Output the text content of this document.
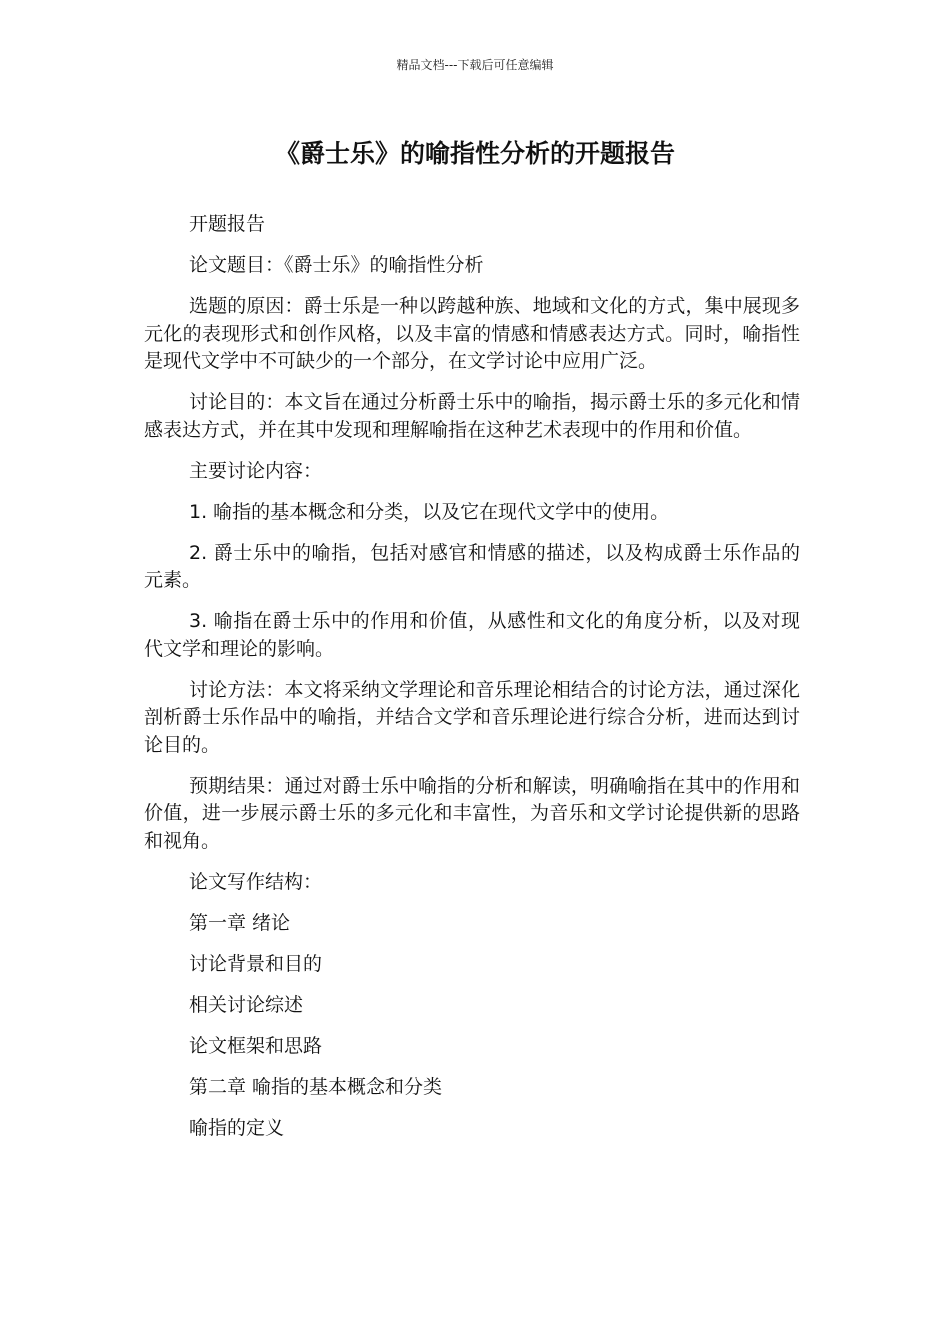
精品文档---下载后可任意编辑
《爵士乐》的喻指性分析的开题报告

开题报告

论文题目：《爵士乐》的喻指性分析

选题的原因：爵士乐是一种以跨越种族、地域和文化的方式，集中展现多元化的表现形式和创作风格，以及丰富的情感和情感表达方式。同时，喻指性是现代文学中不可缺少的一个部分，在文学讨论中应用广泛。

讨论目的：本文旨在通过分析爵士乐中的喻指，揭示爵士乐的多元化和情感表达方式，并在其中发现和理解喻指在这种艺术表现中的作用和价值。

主要讨论内容：

1. 喻指的基本概念和分类，以及它在现代文学中的使用。

2. 爵士乐中的喻指，包括对感官和情感的描述，以及构成爵士乐作品的元素。

3. 喻指在爵士乐中的作用和价值，从感性和文化的角度分析，以及对现代文学和理论的影响。

讨论方法：本文将采纳文学理论和音乐理论相结合的讨论方法，通过深化剖析爵士乐作品中的喻指，并结合文学和音乐理论进行综合分析，进而达到讨论目的。

预期结果：通过对爵士乐中喻指的分析和解读，明确喻指在其中的作用和价值，进一步展示爵士乐的多元化和丰富性，为音乐和文学讨论提供新的思路和视角。

论文写作结构：

第一章 绪论

讨论背景和目的

相关讨论综述

论文框架和思路

第二章 喻指的基本概念和分类

喻指的定义
